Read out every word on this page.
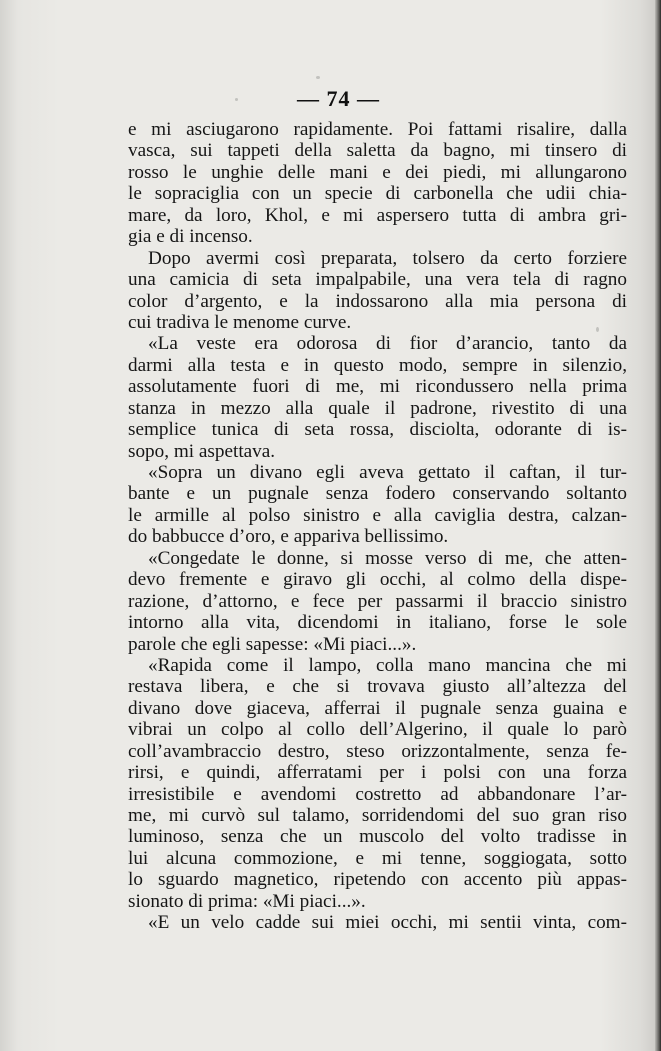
— 74 —
e mi asciugarono rapidamente. Poi fattami risalire, dalla
vasca, sui tappeti della saletta da bagno, mi tinsero di
rosso le unghie delle mani e dei piedi, mi allungarono
le sopraciglia con un specie di carbonella che udii chia-
mare, da loro, Khol, e mi aspersero tutta di ambra gri-
gia e di incenso.
Dopo avermi così preparata, tolsero da certo forziere
una camicia di seta impalpabile, una vera tela di ragno
color d’argento, e la indossarono alla mia persona di
cui tradiva le menome curve.
«La veste era odorosa di fior d’arancio, tanto da
darmi alla testa e in questo modo, sempre in silenzio,
assolutamente fuori di me, mi ricondussero nella prima
stanza in mezzo alla quale il padrone, rivestito di una
semplice tunica di seta rossa, disciolta, odorante di is-
sopo, mi aspettava.
«Sopra un divano egli aveva gettato il caftan, il tur-
bante e un pugnale senza fodero conservando soltanto
le armille al polso sinistro e alla caviglia destra, calzan-
do babbucce d’oro, e appariva bellissimo.
«Congedate le donne, si mosse verso di me, che atten-
devo fremente e giravo gli occhi, al colmo della dispe-
razione, d’attorno, e fece per passarmi il braccio sinistro
intorno alla vita, dicendomi in italiano, forse le sole
parole che egli sapesse: «Mi piaci...».
«Rapida come il lampo, colla mano mancina che mi
restava libera, e che si trovava giusto all’altezza del
divano dove giaceva, afferrai il pugnale senza guaina e
vibrai un colpo al collo dell’Algerino, il quale lo parò
coll’avambraccio destro, steso orizzontalmente, senza fe-
rirsi, e quindi, afferratami per i polsi con una forza
irresistibile e avendomi costretto ad abbandonare l’ar-
me, mi curvò sul talamo, sorridendomi del suo gran riso
luminoso, senza che un muscolo del volto tradisse in
lui alcuna commozione, e mi tenne, soggiogata, sotto
lo sguardo magnetico, ripetendo con accento più appas-
sionato di prima: «Mi piaci...».
«E un velo cadde sui miei occhi, mi sentii vinta, com-
